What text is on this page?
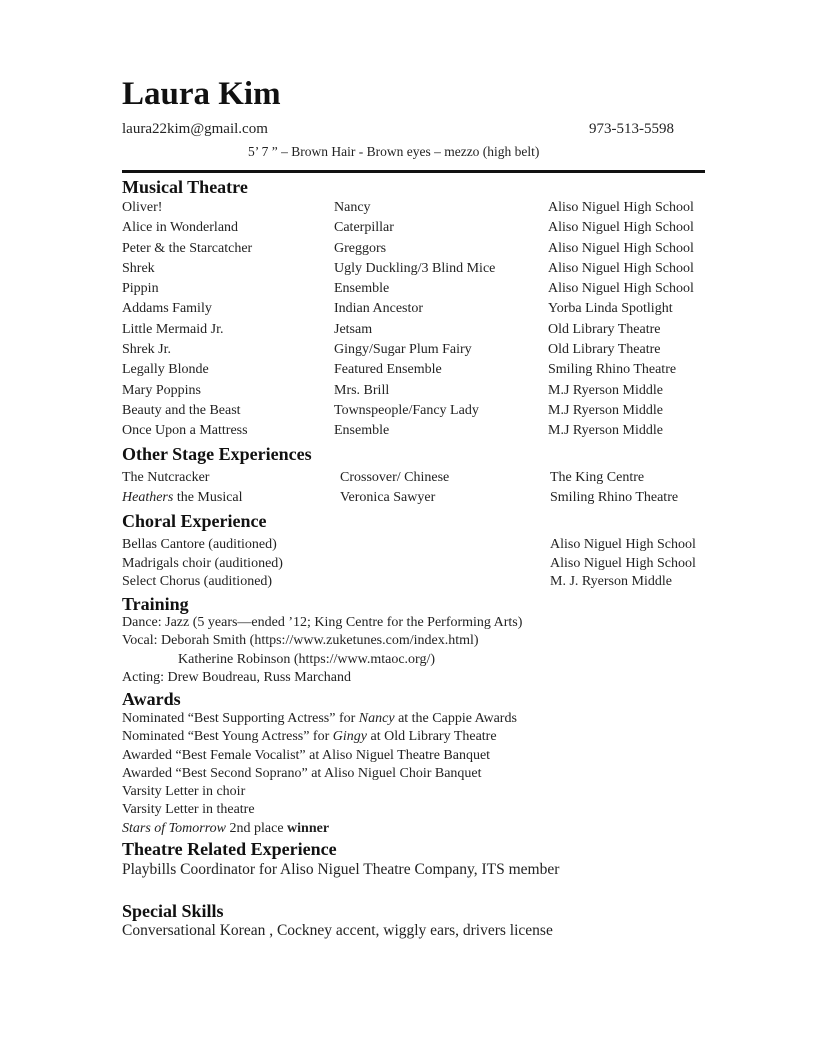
Laura Kim
laura22kim@gmail.com	973-513-5598
5’ 7 ” – Brown Hair - Brown eyes – mezzo (high belt)
Musical Theatre
Oliver!	Nancy	Aliso Niguel High School
Alice in Wonderland	Caterpillar	Aliso Niguel High School
Peter & the Starcatcher	Greggors	Aliso Niguel High School
Shrek	Ugly Duckling/3 Blind Mice	Aliso Niguel High School
Pippin	Ensemble	Aliso Niguel High School
Addams Family	Indian Ancestor	Yorba Linda Spotlight
Little Mermaid Jr.	Jetsam	Old Library Theatre
Shrek Jr.	Gingy/Sugar Plum Fairy	Old Library Theatre
Legally Blonde	Featured Ensemble	Smiling Rhino Theatre
Mary Poppins	Mrs. Brill	M.J Ryerson Middle
Beauty and the Beast	Townspeople/Fancy Lady	M.J Ryerson Middle
Once Upon a Mattress	Ensemble	M.J Ryerson Middle
Other Stage Experiences
The Nutcracker	Crossover/ Chinese	The King Centre
Heathers the Musical	Veronica Sawyer	Smiling Rhino Theatre
Choral Experience
Bellas Cantore (auditioned)	Aliso Niguel High School
Madrigals choir (auditioned)	Aliso Niguel High School
Select Chorus (auditioned)	M. J. Ryerson Middle
Training
Dance: Jazz (5 years—ended ’12; King Centre for the Performing Arts)
Vocal: Deborah Smith (https://www.zuketunes.com/index.html)
Katherine Robinson (https://www.mtaoc.org/)
Acting: Drew Boudreau, Russ Marchand
Awards
Nominated “Best Supporting Actress” for Nancy at the Cappie Awards
Nominated “Best Young Actress” for Gingy at Old Library Theatre
Awarded “Best Female Vocalist” at Aliso Niguel Theatre Banquet
Awarded “Best Second Soprano” at Aliso Niguel Choir Banquet
Varsity Letter in choir
Varsity Letter in theatre
Stars of Tomorrow 2nd place winner
Theatre Related Experience
Playbills Coordinator for Aliso Niguel Theatre Company, ITS member
Special Skills
Conversational Korean , Cockney accent, wiggly ears, drivers license
